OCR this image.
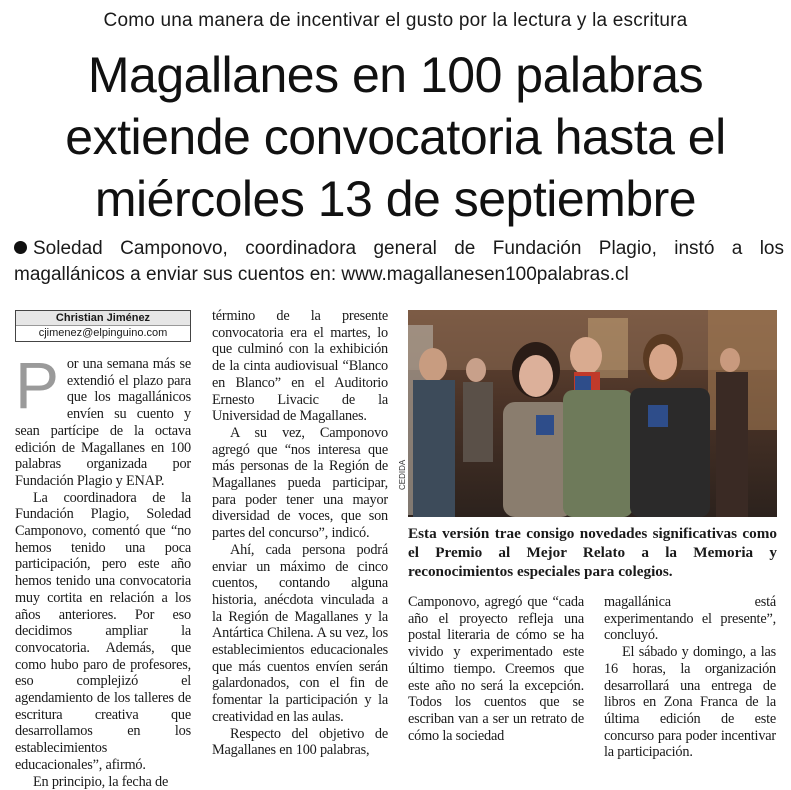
Como una manera de incentivar el gusto por la lectura y la escritura
Magallanes en 100 palabras
extiende convocatoria hasta el
miércoles 13 de septiembre
Soledad Camponovo, coordinadora general de Fundación Plagio, instó a los magallánicos a enviar sus cuentos en: www.magallanesen100palabras.cl
Christian Jiménez
cjimenez@elpinguino.com
P or una semana más se extendió el plazo para que los magallánicos envíen su cuento y sean partícipe de la octava edición de Magallanes en 100 palabras organizada por Fundación Plagio y ENAP.

La coordinadora de la Fundación Plagio, Soledad Camponovo, comentó que “no hemos tenido una poca participación, pero este año hemos tenido una convocatoria muy cortita en relación a los años anteriores. Por eso decidimos ampliar la convocatoria. Además, que como hubo paro de profesores, eso complejizó el agendamiento de los talleres de escritura creativa que desarrollamos en los establecimientos educacionales”, afirmó.

En principio, la fecha de

término de la presente convocatoria era el martes, lo que culminó con la exhibición de la cinta audiovisual “Blanco en Blanco” en el Auditorio Ernesto Livacic de la Universidad de Magallanes.

A su vez, Camponovo agregó que “nos interesa que más personas de la Región de Magallanes pueda participar, para poder tener una mayor diversidad de voces, que son partes del concurso”, indicó.

Ahí, cada persona podrá enviar un máximo de cinco cuentos, contando alguna historia, anécdota vinculada a la Región de Magallanes y la Antártica Chilena. A su vez, los establecimientos educacionales que más cuentos envíen serán galardonados, con el fin de fomentar la participación y la creatividad en las aulas.

Respecto del objetivo de Magallanes en 100 palabras,

CEDIDA
Esta versión trae consigo novedades significativas como el Premio al Mejor Relato a la Memoria y reconocimientos especiales para colegios.

Camponovo, agregó que “cada año el proyecto refleja una postal literaria de cómo se ha vivido y experimentado este último tiempo. Creemos que este año no será la excepción. Todos los cuentos que se escriban van a ser un retrato de cómo la sociedad

magallánica está experimentando el presente”, concluyó.

El sábado y domingo, a las 16 horas, la organización desarrollará una entrega de libros en Zona Franca de la última edición de este concurso para poder incentivar la participación.
